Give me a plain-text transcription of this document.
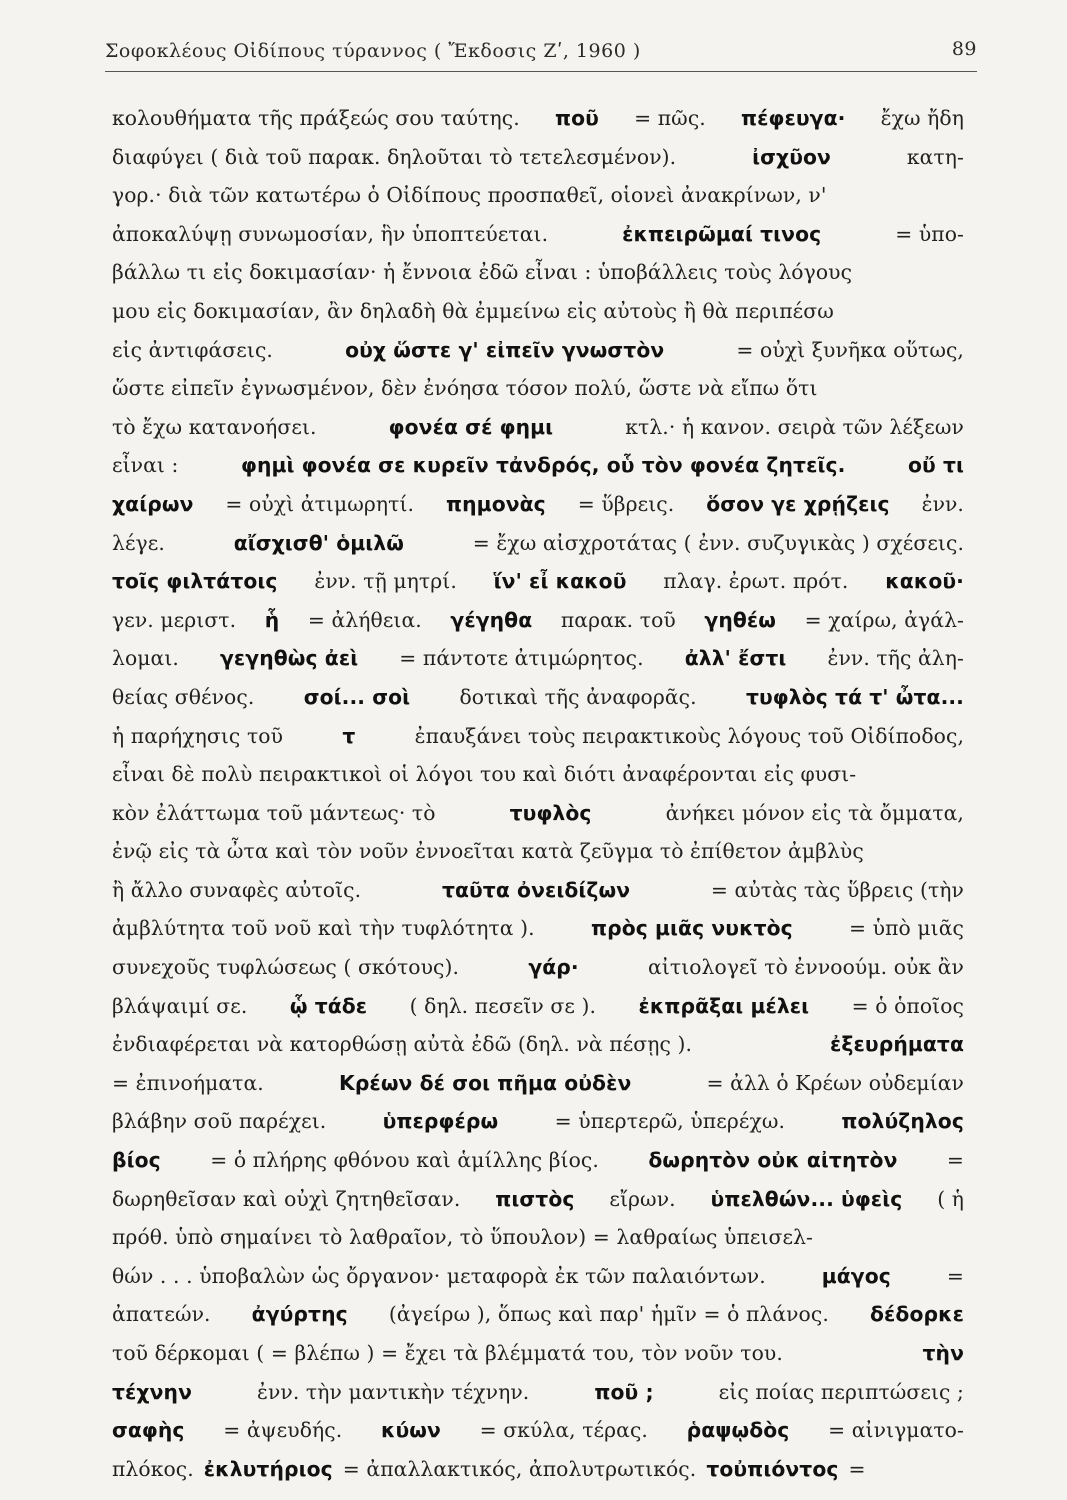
Σοφοκλέους Οἰδίπους τύραννος ( Ἔκδοσις Ζʹ, 1960 )	89
κολουθήματα τῆς πράξεώς σου ταύτης. ποῦ = πῶς. πέφευγα· ἔχω ἤδη
διαφύγει ( διὰ τοῦ παρακ. δηλοῦται τὸ τετελεσμένον).	ἰσχῦον	κατη-
γορ.· διὰ τῶν κατωτέρω ὁ Οἰδίπους προσπαθεῖ, οἱονεὶ ἀνακρίνων, ν'
ἀποκαλύψῃ συνωμοσίαν, ἣν ὑποπτεύεται.	ἐκπειρῶμαί τινος	= ὑπο-
βάλλω τι εἰς δοκιμασίαν· ἡ ἔννοια ἐδῶ εἶναι : ὑποβάλλεις τοὺς λόγους
μου εἰς δοκιμασίαν, ἂν δηλαδὴ θὰ ἐμμείνω εἰς αὐτοὺς ἢ θὰ περιπέσω
εἰς ἀντιφάσεις.	οὐχ ὥστε γ' εἰπεῖν γνωστὸν	= οὐχὶ ξυνῆκα οὕτως,
ὥστε εἰπεῖν ἐγνωσμένον, δὲν ἐνόησα τόσον πολύ, ὥστε νὰ εἴπω ὅτι
τὸ ἔχω κατανοήσει.	φονέα σέ φημι	κτλ.· ἡ κανον. σειρὰ τῶν λέξεων
εἶναι :	φημὶ φονέα σε κυρεῖν τἀνδρός, οὗ τὸν φονέα ζητεῖς.	οὔ τι
χαίρων = οὐχὶ ἀτιμωρητί. πημονὰς = ὕβρεις. ὅσον γε χρῄζεις ἐνν.
λέγε.	αἴσχισθ' ὁμιλῶ	= ἔχω αἰσχροτάτας ( ἐνν. συζυγικὰς ) σχέσεις.
τοῖς φιλτάτοις ἐνν. τῇ μητρί. ἵν' εἶ κακοῦ πλαγ. ἐρωτ. πρότ. κακοῦ·
γεν. μεριστ. ἧ = ἀλήθεια. γέγηθα παρακ. τοῦ γηθέω = χαίρω, ἀγάλ-
λομαι. γεγηθὼς ἀεὶ = πάντοτε ἀτιμώρητος. ἀλλ' ἔστι ἐνν. τῆς ἀλη-
θείας σθένος. σοί... σοὶ δοτικαὶ τῆς ἀναφορᾶς. τυφλὸς τά τ' ὦτα...
ἡ παρήχησις τοῦ	τ	ἐπαυξάνει τοὺς πειρακτικοὺς λόγους τοῦ Οἰδίποδος,
εἶναι δὲ πολὺ πειρακτικοὶ οἱ λόγοι του καὶ διότι ἀναφέρονται εἰς φυσι-
κὸν ἐλάττωμα τοῦ μάντεως· τὸ	τυφλὸς	ἀνήκει μόνον εἰς τὰ ὄμματα,
ἐνῷ εἰς τὰ ὦτα καὶ τὸν νοῦν ἐννοεῖται κατὰ ζεῦγμα τὸ ἐπίθετον ἀμβλὺς
ἢ ἄλλο συναφὲς αὐτοῖς.	ταῦτα ὀνειδίζων	= αὐτὰς τὰς ὕβρεις (τὴν
ἀμβλύτητα τοῦ νοῦ καὶ τὴν τυφλότητα ).	πρὸς μιᾶς νυκτὸς	= ὑπὸ μιᾶς
συνεχοῦς τυφλώσεως ( σκότους).	γάρ·	αἰτιολογεῖ τὸ ἐννοούμ. οὐκ ἂν
βλάψαιμί σε. ᾧ τάδε ( δηλ. πεσεῖν σε ). ἐκπρᾶξαι μέλει = ὁ ὁποῖος
ἐνδιαφέρεται νὰ κατορθώσῃ αὐτὰ ἐδῶ (δηλ. νὰ πέσῃς ).	ἐξευρήματα
= ἐπινοήματα.	Κρέων δέ σοι πῆμα οὐδὲν	= ἀλλ ὁ Κρέων οὐδεμίαν
βλάβην σοῦ παρέχει.	ὑπερφέρω	= ὑπερτερῶ, ὑπερέχω.	πολύζηλος
βίος = ὁ πλήρης φθόνου καὶ ἁμίλλης βίος. δωρητὸν οὐκ αἰτητὸν =
δωρηθεῖσαν καὶ οὐχὶ ζητηθεῖσαν. πιστὸς εἴρων. ὑπελθών... ὑφεὶς ( ἡ
πρόθ. ὑπὸ σημαίνει τὸ λαθραῖον, τὸ ὕπουλον) = λαθραίως ὑπεισελ-
θών . . . ὑποβαλὼν ὡς ὄργανον· μεταφορὰ ἐκ τῶν παλαιόντων.	μάγος	=
ἀπατεών. ἀγύρτης (ἀγείρω ), ὅπως καὶ παρ' ἡμῖν = ὁ πλάνος. δέδορκε
τοῦ δέρκομαι ( = βλέπω ) = ἔχει τὰ βλέμματά του, τὸν νοῦν του.	τὴν
τέχνην	ἐνν. τὴν μαντικὴν τέχνην.	ποῦ ;	εἰς ποίας περιπτώσεις ;
σαφὴς = ἀψευδής. κύων = σκύλα, τέρας. ῥαψῳδὸς = αἰνιγματο-
πλόκος. ἐκλυτήριος = ἀπαλλακτικός, ἀπολυτρωτικός. τοὐπιόντος =
